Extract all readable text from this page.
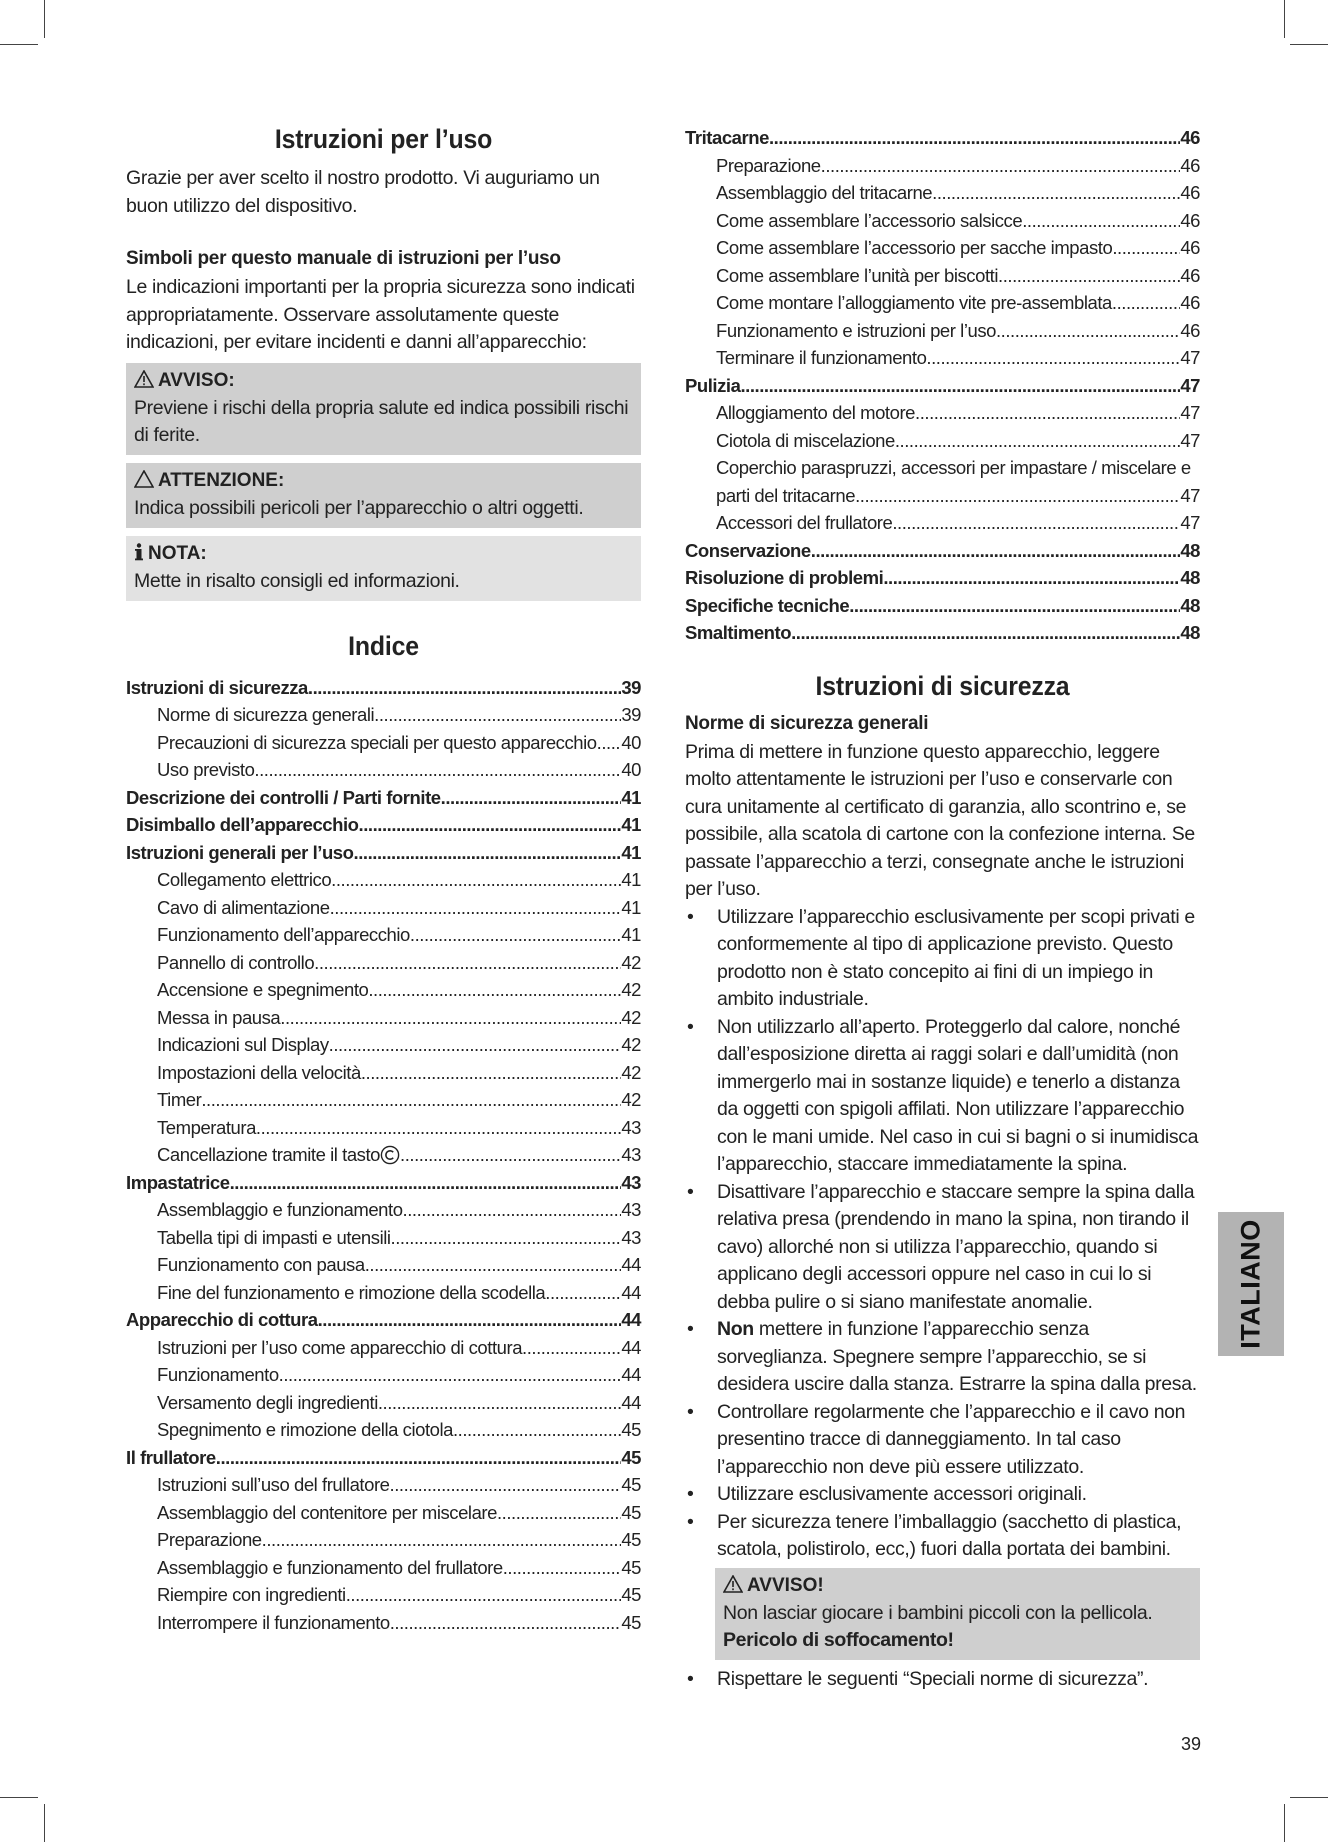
Istruzioni per l’uso

Grazie per aver scelto il nostro prodotto. Vi auguriamo un buon utilizzo del dispositivo.

Simboli per questo manuale di istruzioni per l’uso

Le indicazioni importanti per la propria sicurezza sono indicati appropriatamente. Osservare assolutamente queste indicazioni, per evitare incidenti e danni all’apparecchio:

AVVISO:

Previene i rischi della propria salute ed indica possibili rischi di ferite.

ATTENZIONE:

Indica possibili pericoli per l’apparecchio o altri oggetti.

NOTA:

Mette in risalto consigli ed informazioni.

Indice
Istruzioni di sicurezza .....	39
Norme di sicurezza generali .....	39
Precauzioni di sicurezza speciali per questo apparecchio ..... 40
Uso previsto .....	40
Descrizione dei controlli / Parti fornite .....	41
Disimballo dell’apparecchio .....	41
Istruzioni generali per l’uso .....	41
Collegamento elettrico .....	41
Cavo di alimentazione .....	41
Funzionamento dell’apparecchio .....	41
Pannello di controllo .....	42
Accensione e spegnimento .....	42
Messa in pausa .....	42
Indicazioni sul Display .....	42
Impostazioni della velocità .....	42
Timer .....	42
Temperatura .....	43
Cancellazione tramite il tasto .....	43
Impastatrice .....	43
Assemblaggio e funzionamento .....	43
Tabella tipi di impasti e utensili .....	43
Funzionamento con pausa .....	44
Fine del funzionamento e rimozione della scodella .....	44
Apparecchio di cottura .....	44
Istruzioni per l’uso come apparecchio di cottura .....	44
Funzionamento .....	44
Versamento degli ingredienti .....	44
Spegnimento e rimozione della ciotola .....	45
Il frullatore .....	45
Istruzioni sull’uso del frullatore .....	45
Assemblaggio del contenitore per miscelare .....	45
Preparazione .....	45
Assemblaggio e funzionamento del frullatore .....	45
Riempire con ingredienti .....	45
Interrompere il funzionamento .....	45
Tritacarne .....	46
Preparazione .....	46
Assemblaggio del tritacarne .....	46
Come assemblare l’accessorio salsicce .....	46
Come assemblare l’accessorio per sacche impasto .....	46
Come assemblare l’unità per biscotti .....	46
Come montare l’alloggiamento vite pre-assemblata .....	46
Funzionamento e istruzioni per l’uso .....	46
Terminare il funzionamento .....	47
Pulizia .....	47
Alloggiamento del motore .....	47
Ciotola di miscelazione .....	47
Coperchio paraspruzzi, accessori per impastare / miscelare e
parti del tritacarne .....	47
Accessori del frullatore .....	47
Conservazione .....	48
Risoluzione di problemi .....	48
Specifiche tecniche .....	48
Smaltimento .....	48
Istruzioni di sicurezza
Norme di sicurezza generali

Prima di mettere in funzione questo apparecchio, leggere molto attentamente le istruzioni per l’uso e conservarle con cura unitamente al certificato di garanzia, allo scontrino e, se possibile, alla scatola di cartone con la confezione interna. Se passate l’apparecchio a terzi, consegnate anche le istruzioni per l’uso.

•	Utilizzare l’apparecchio esclusivamente per scopi privati e conformemente al tipo di applicazione previsto. Questo prodotto non è stato concepito ai fini di un impiego in ambito industriale.
•	Non utilizzarlo all’aperto. Proteggerlo dal calore, nonché dall’esposizione diretta ai raggi solari e dall’umidità (non immergerlo mai in sostanze liquide) e tenerlo a distanza da oggetti con spigoli affilati. Non utilizzare l’apparecchio con le mani umide. Nel caso in cui si bagni o si inumidisca l’apparecchio, staccare immediatamente la spina.
•	Disattivare l’apparecchio e staccare sempre la spina dalla relativa presa (prendendo in mano la spina, non tirando il cavo) allorché non si utilizza l’apparecchio, quando si applicano degli accessori oppure nel caso in cui lo si debba pulire o si siano manifestate anomalie.
•	Non mettere in funzione l’apparecchio senza sorveglianza. Spegnere sempre l’apparecchio, se si desidera uscire dalla stanza. Estrarre la spina dalla presa.
•	Controllare regolarmente che l’apparecchio e il cavo non presentino tracce di danneggiamento. In tal caso l’apparecchio non deve più essere utilizzato.
•	Utilizzare esclusivamente accessori originali.
•	Per sicurezza tenere l’imballaggio (sacchetto di plastica, scatola, polistirolo, ecc,) fuori dalla portata dei bambini.
AVVISO!

Non lasciar giocare i bambini piccoli con la pellicola.

Pericolo di soffocamento!

•	Rispettare le seguenti “Speciali norme di sicurezza”.
ITALIANO
39
